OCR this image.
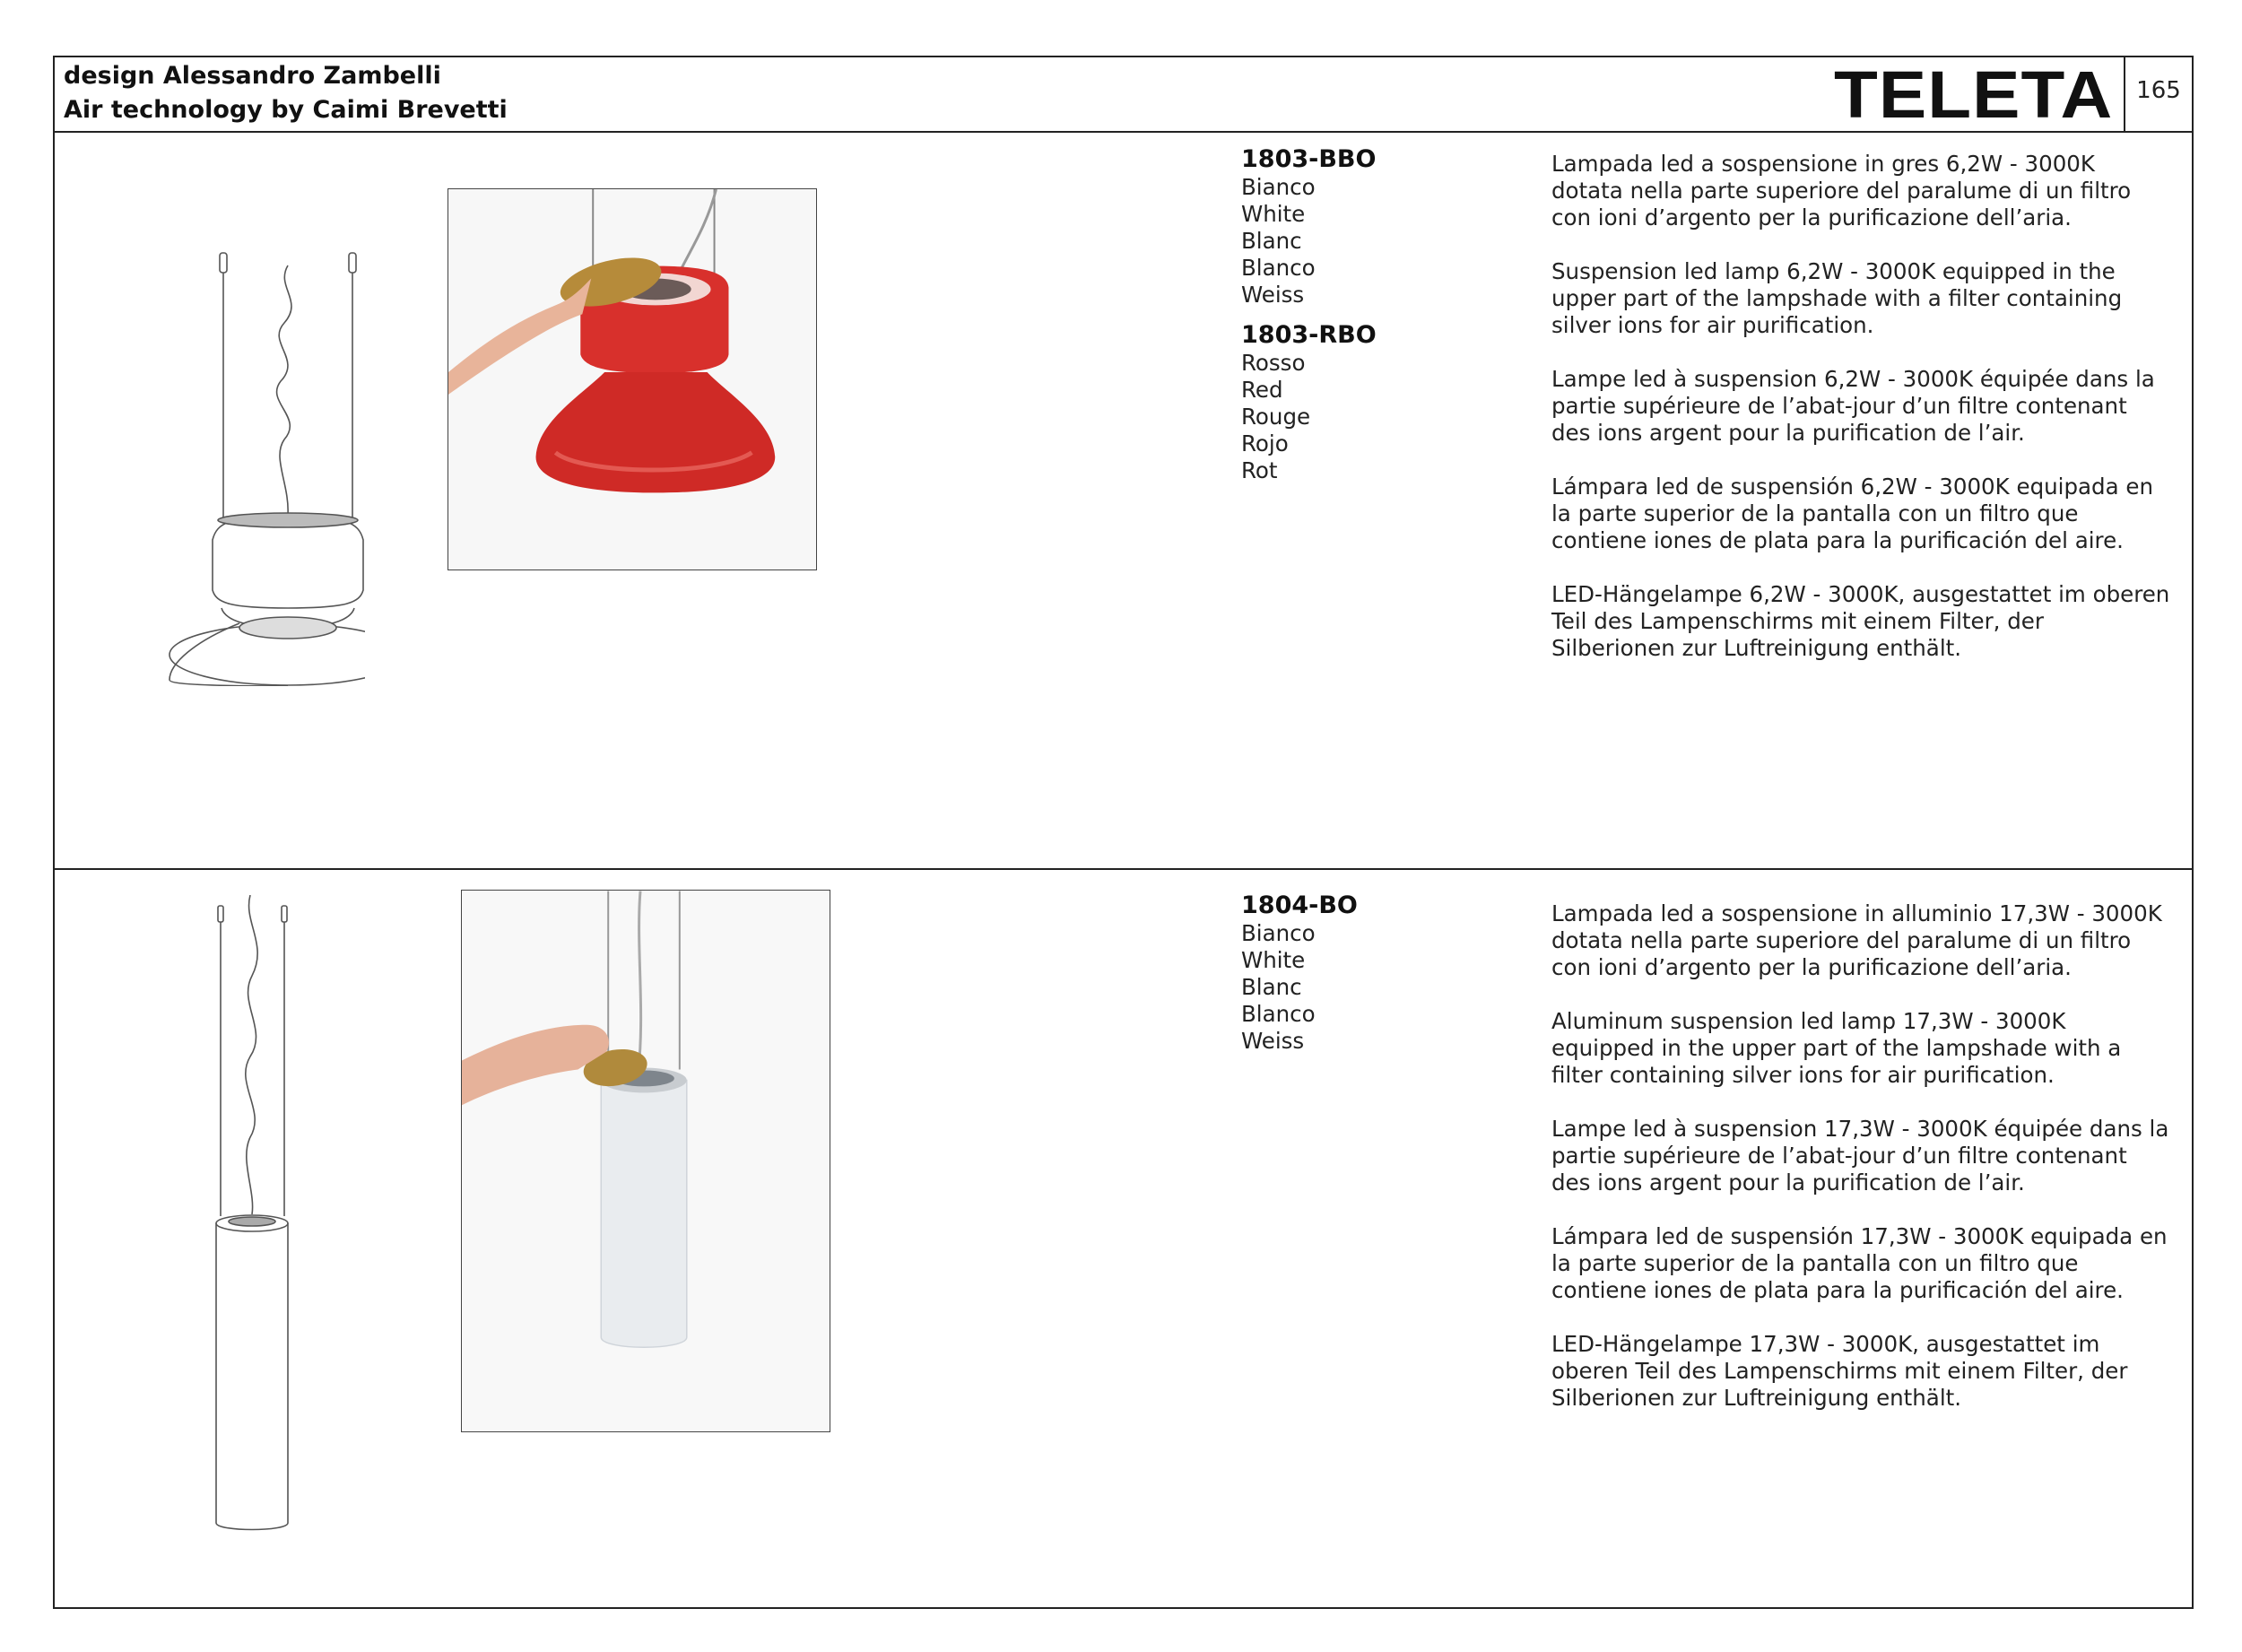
design Alessandro Zambelli
Air technology by Caimi Brevetti	TELETA	165
1803-BBO
Bianco
White
Blanc
Blanco
Weiss
1803-RBO
Rosso
Red
Rouge
Rojo
Rot

Lampada led a sospensione in gres 6,2W - 3000K dotata nella parte superiore del paralume di un filtro con ioni d’argento per la purificazione dell’aria.

Suspension led lamp 6,2W - 3000K equipped in the upper part of the lampshade with a filter containing silver ions for air purification.

Lampe led à suspension 6,2W - 3000K équipée dans la partie supérieure de l’abat-jour d’un filtre contenant des ions argent pour la purification de l’air.

Lámpara led de suspensión 6,2W - 3000K equipada en la parte superior de la pantalla con un filtro que contiene iones de plata para la purificación del aire.

LED-Hängelampe 6,2W - 3000K, ausgestattet im oberen Teil des Lampenschirms mit einem Filter, der Silberionen zur Luftreinigung enthält.

1804-BO
Bianco
White
Blanc
Blanco
Weiss

Lampada led a sospensione in alluminio 17,3W - 3000K dotata nella parte superiore del paralume di un filtro con ioni d’argento per la purificazione dell’aria.

Aluminum suspension led lamp 17,3W - 3000K equipped in the upper part of the lampshade with a filter containing silver ions for air purification.

Lampe led à suspension 17,3W - 3000K équipée dans la partie supérieure de l’abat-jour d’un filtre contenant des ions argent pour la purification de l’air.

Lámpara led de suspensión 17,3W - 3000K equipada en la parte superior de la pantalla con un filtro que contiene iones de plata para la purificación del aire.

LED-Hängelampe 17,3W - 3000K, ausgestattet im oberen Teil des Lampenschirms mit einem Filter, der Silberionen zur Luftreinigung enthält.
